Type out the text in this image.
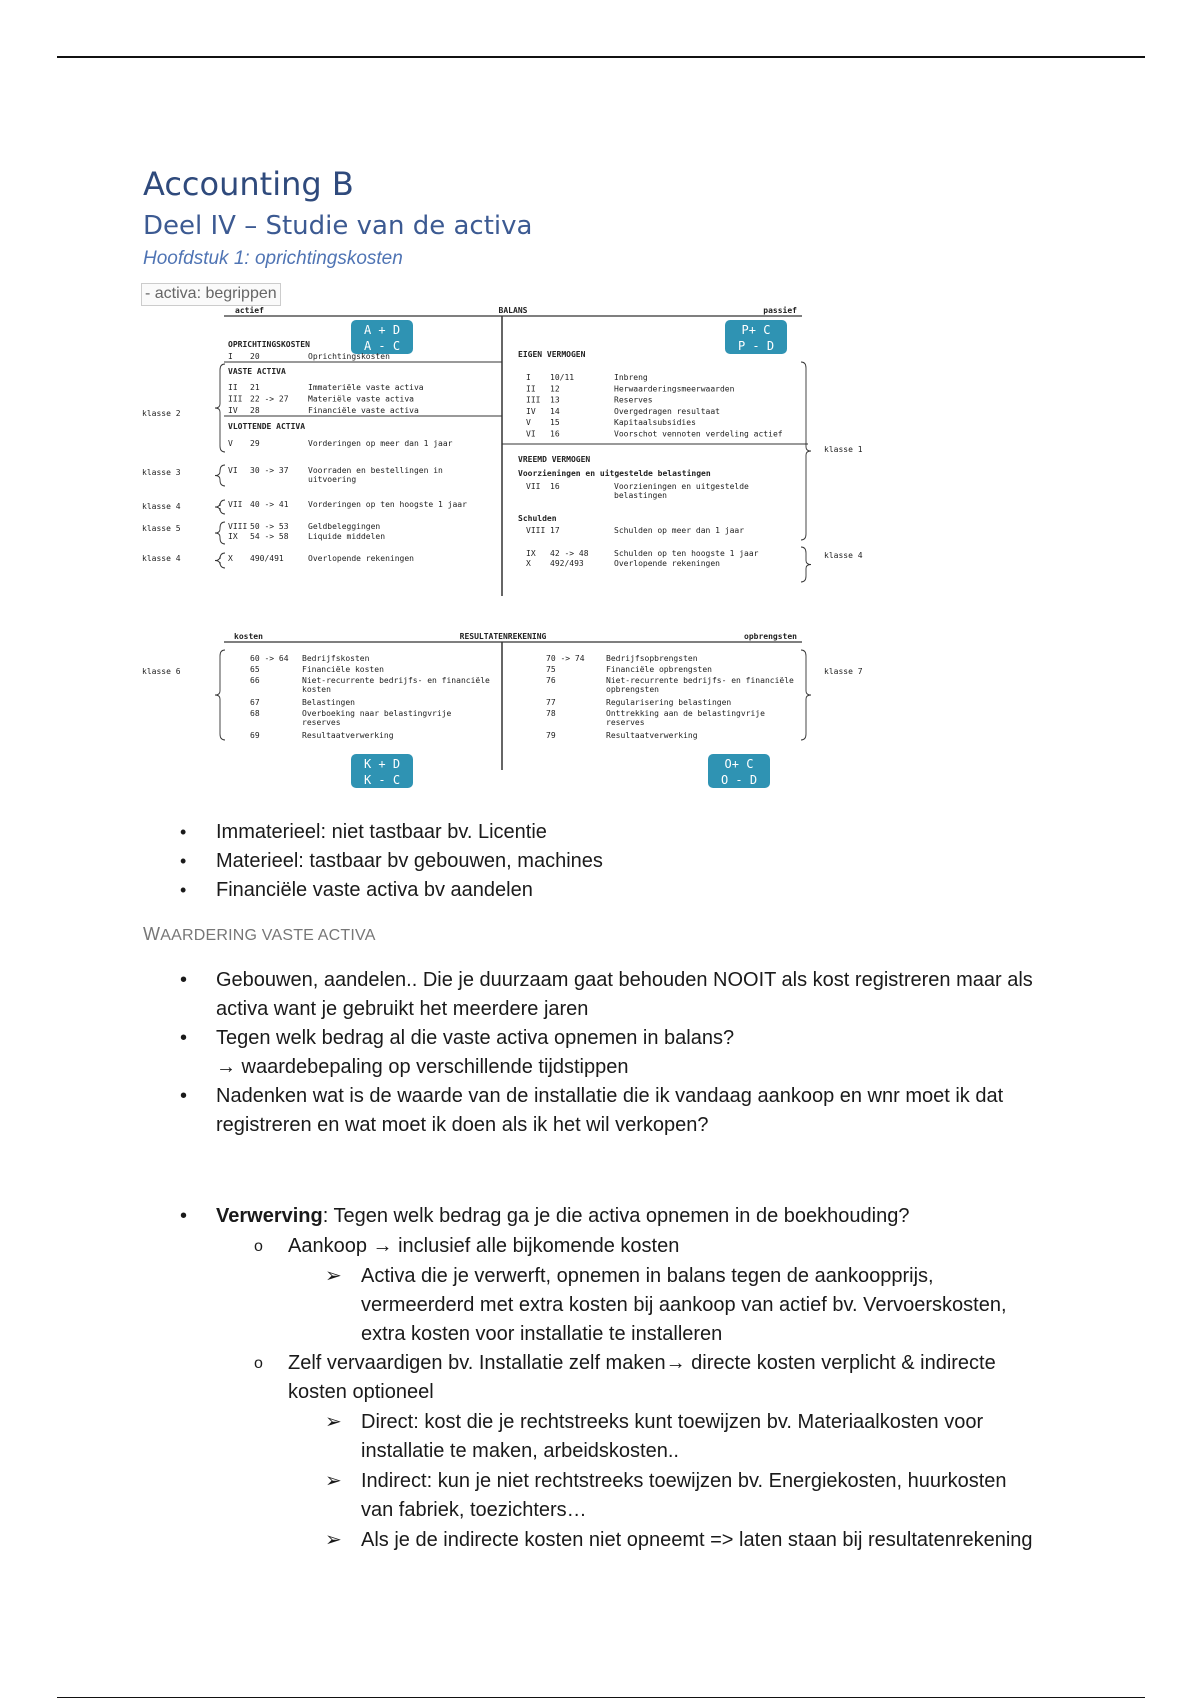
Accounting B
Deel IV – Studie van de activa
Hoofdstuk 1: oprichtingskosten
- activa: begrippen
actief	BALANS	passief
A + D
A - C
P+ C
P - D
OPRICHTINGSKOSTEN
I 20	Oprichtingskosten
VASTE ACTIVA
II 21	Immateriële vaste activa
III 22 -> 27 Materiële vaste activa
IV 28	Financiële vaste activa
VLOTTENDE ACTIVA
V 29	Vorderingen op meer dan 1 jaar
VI 30 -> 37 Voorraden en bestellingen in
uitvoering
VII 40 -> 41 Vorderingen op ten hoogste 1 jaar
VIII 50 -> 53 Geldbeleggingen
IX 54 -> 58 Liquide middelen
X 490/491	Overlopende rekeningen
klasse 2
klasse 3
klasse 4
klasse 5
klasse 4
EIGEN VERMOGEN
I 10/11	Inbreng
II 12	Herwaarderingsmeerwaarden
III 13	Reserves
IV 14	Overgedragen resultaat
V 15	Kapitaalsubsidies
VI 16	Voorschot vennoten verdeling actief
VREEMD VERMOGEN
Voorzieningen en uitgestelde belastingen
VII 16	Voorzieningen en uitgestelde
belastingen
Schulden
VIII 17	Schulden op meer dan 1 jaar
IX 42 -> 48	Schulden op ten hoogste 1 jaar
X 492/493	Overlopende rekeningen
klasse 1
klasse 4
kosten	RESULTATENREKENING	opbrengsten
60 -> 64 Bedrijfskosten
65	Financiële kosten
66	Niet-recurrente bedrijfs- en financiële
kosten
67	Belastingen
68	Overboeking naar belastingvrije
reserves
69	Resultaatverwerking
70 -> 74	Bedrijfsopbrengsten
75	Financiële opbrengsten
76	Niet-recurrente bedrijfs- en financiële
opbrengsten
77	Regularisering belastingen
78	Onttrekking aan de belastingvrije
reserves
79	Resultaatverwerking
klasse 6	klasse 7
K + D
K - C
O+ C
O - D
• Immaterieel: niet tastbaar bv. Licentie
• Materieel: tastbaar bv gebouwen, machines
• Financiële vaste activa bv aandelen
WAARDERING VASTE ACTIVA
• Gebouwen, aandelen.. Die je duurzaam gaat behouden NOOIT als kost registreren maar als
activa want je gebruikt het meerdere jaren
• Tegen welk bedrag al die vaste activa opnemen in balans?
→ waardebepaling op verschillende tijdstippen
• Nadenken wat is de waarde van de installatie die ik vandaag aankoop en wnr moet ik dat
registreren en wat moet ik doen als ik het wil verkopen?
• Verwerving: Tegen welk bedrag ga je die activa opnemen in de boekhouding?
o Aankoop → inclusief alle bijkomende kosten
➢ Activa die je verwerft, opnemen in balans tegen de aankoopprijs,
vermeerderd met extra kosten bij aankoop van actief bv. Vervoerskosten,
extra kosten voor installatie te installeren
o Zelf vervaardigen bv. Installatie zelf maken→ directe kosten verplicht & indirecte
kosten optioneel
➢ Direct: kost die je rechtstreeks kunt toewijzen bv. Materiaalkosten voor
installatie te maken, arbeidskosten..
➢ Indirect: kun je niet rechtstreeks toewijzen bv. Energiekosten, huurkosten
van fabriek, toezichters…
➢ Als je de indirecte kosten niet opneemt => laten staan bij resultatenrekening
